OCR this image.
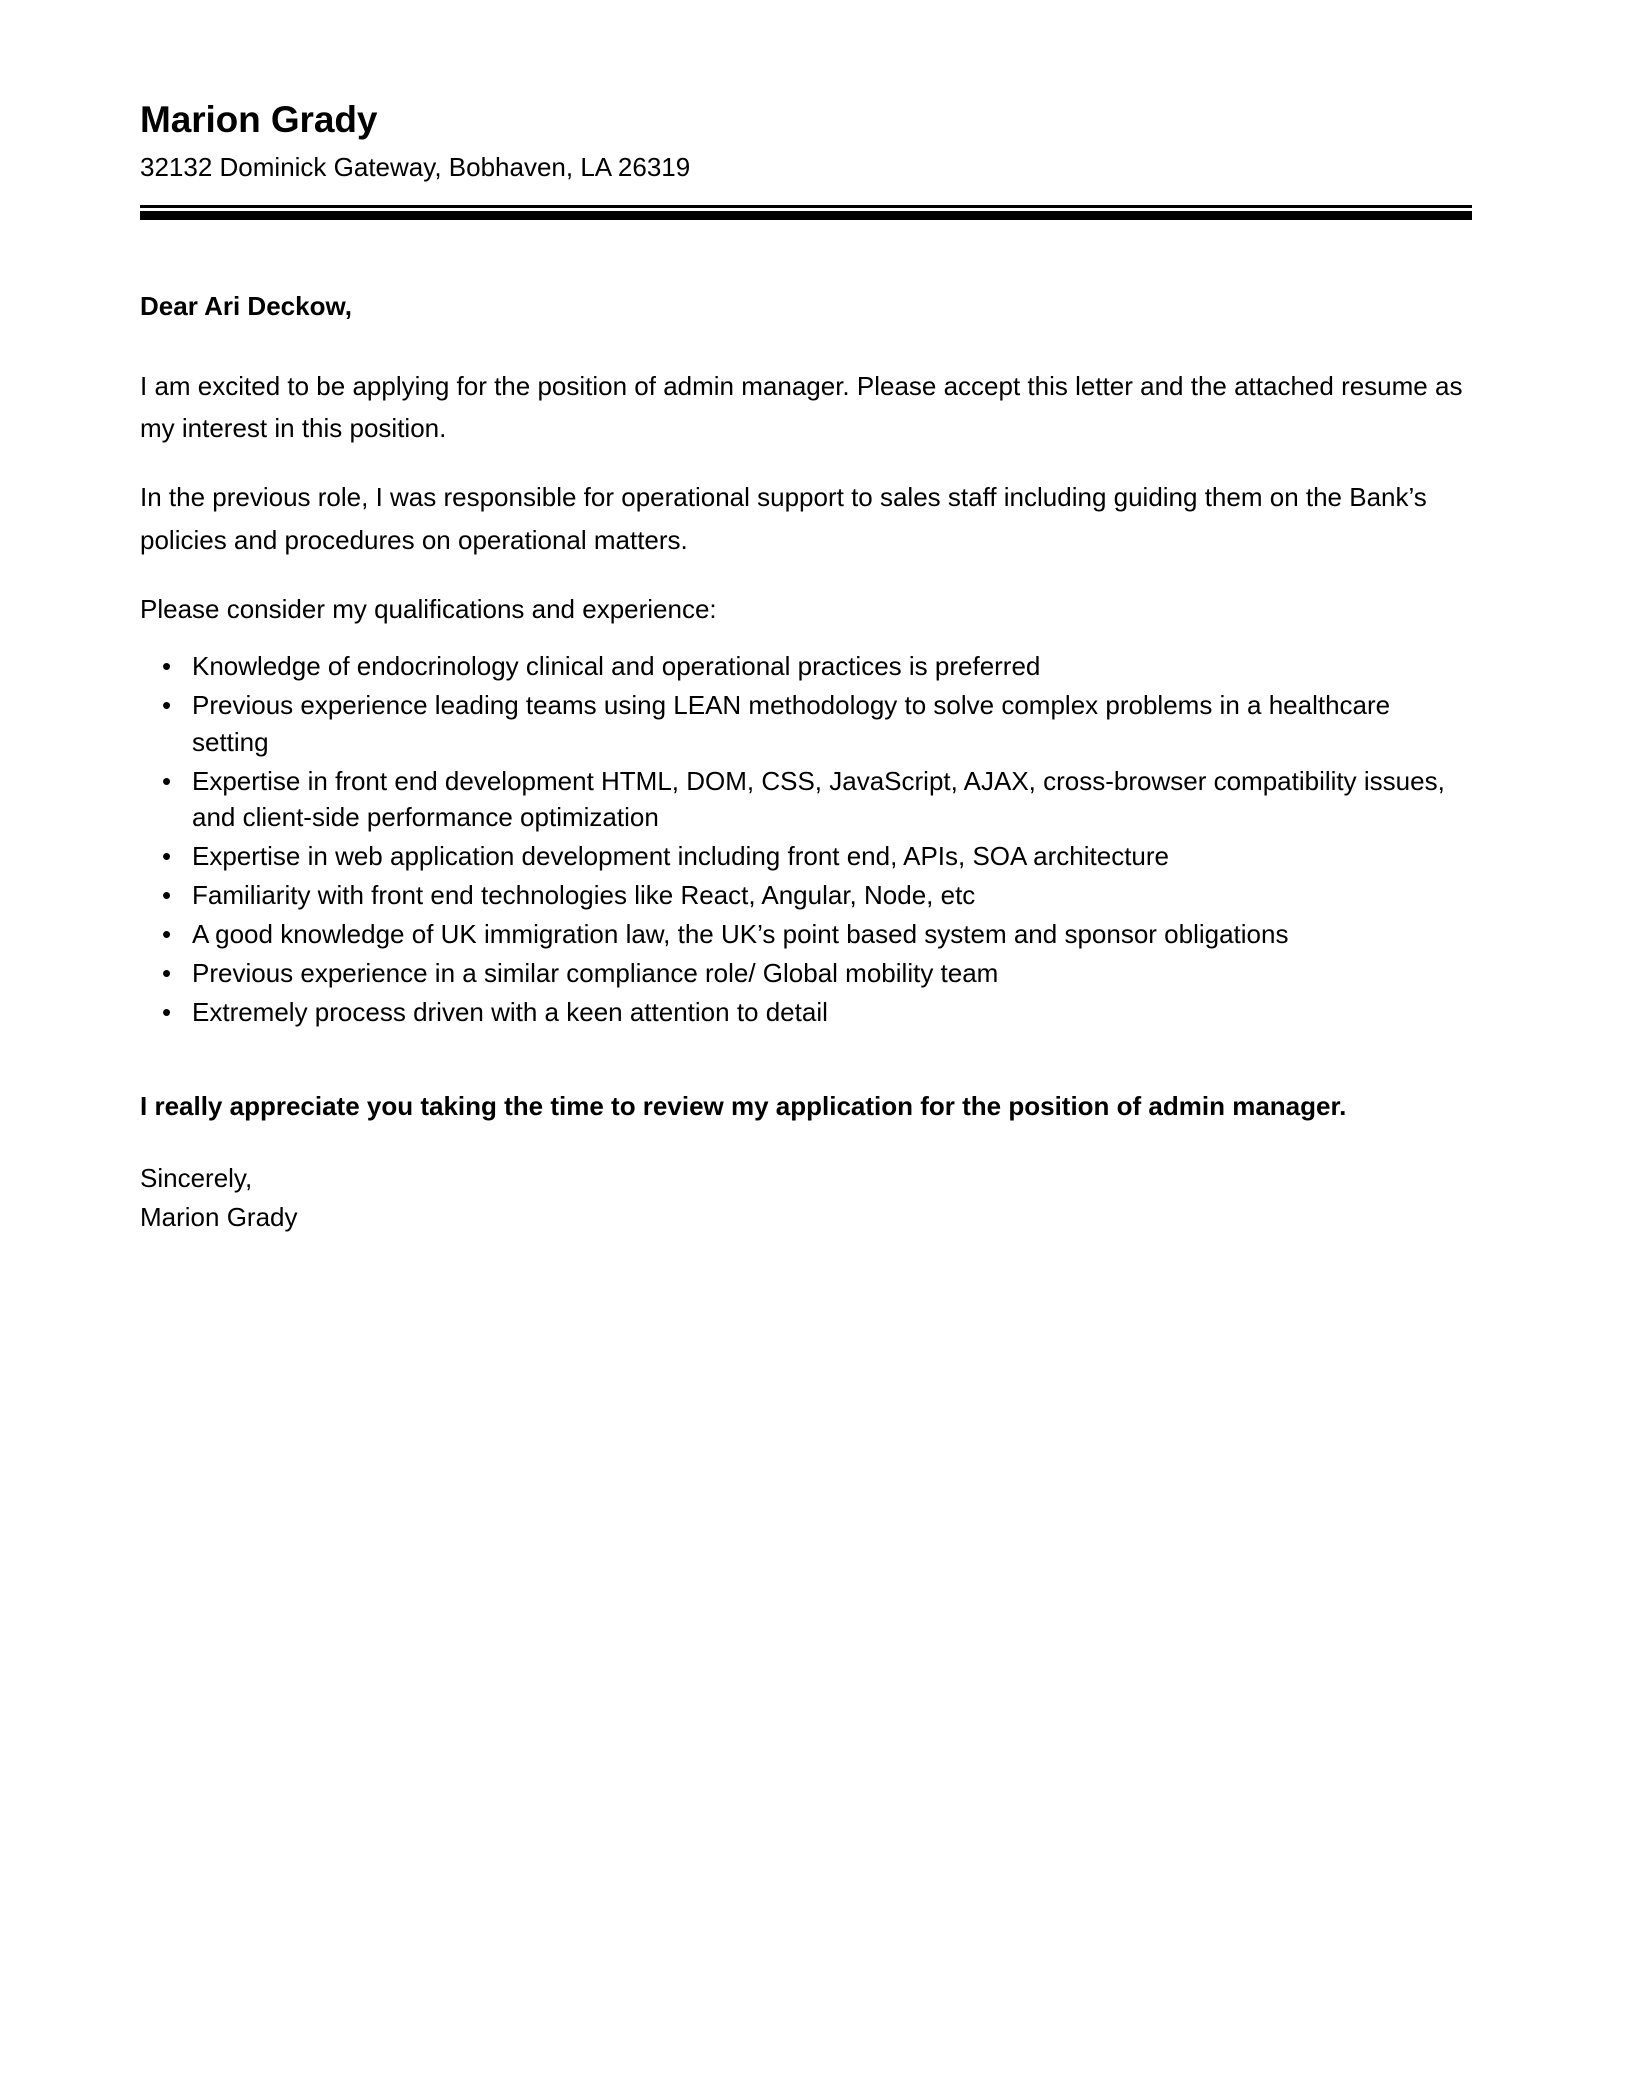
Marion Grady

32132 Dominick Gateway, Bobhaven, LA 26319

Dear Ari Deckow,

I am excited to be applying for the position of admin manager. Please accept this letter and the attached resume as my interest in this position.

In the previous role, I was responsible for operational support to sales staff including guiding them on the Bank’s policies and procedures on operational matters.

Please consider my qualifications and experience:

• Knowledge of endocrinology clinical and operational practices is preferred
• Previous experience leading teams using LEAN methodology to solve complex problems in a healthcare setting
• Expertise in front end development HTML, DOM, CSS, JavaScript, AJAX, cross-browser compatibility issues, and client-side performance optimization
• Expertise in web application development including front end, APIs, SOA architecture
• Familiarity with front end technologies like React, Angular, Node, etc
• A good knowledge of UK immigration law, the UK’s point based system and sponsor obligations
• Previous experience in a similar compliance role/ Global mobility team
• Extremely process driven with a keen attention to detail

I really appreciate you taking the time to review my application for the position of admin manager.

Sincerely,

Marion Grady
